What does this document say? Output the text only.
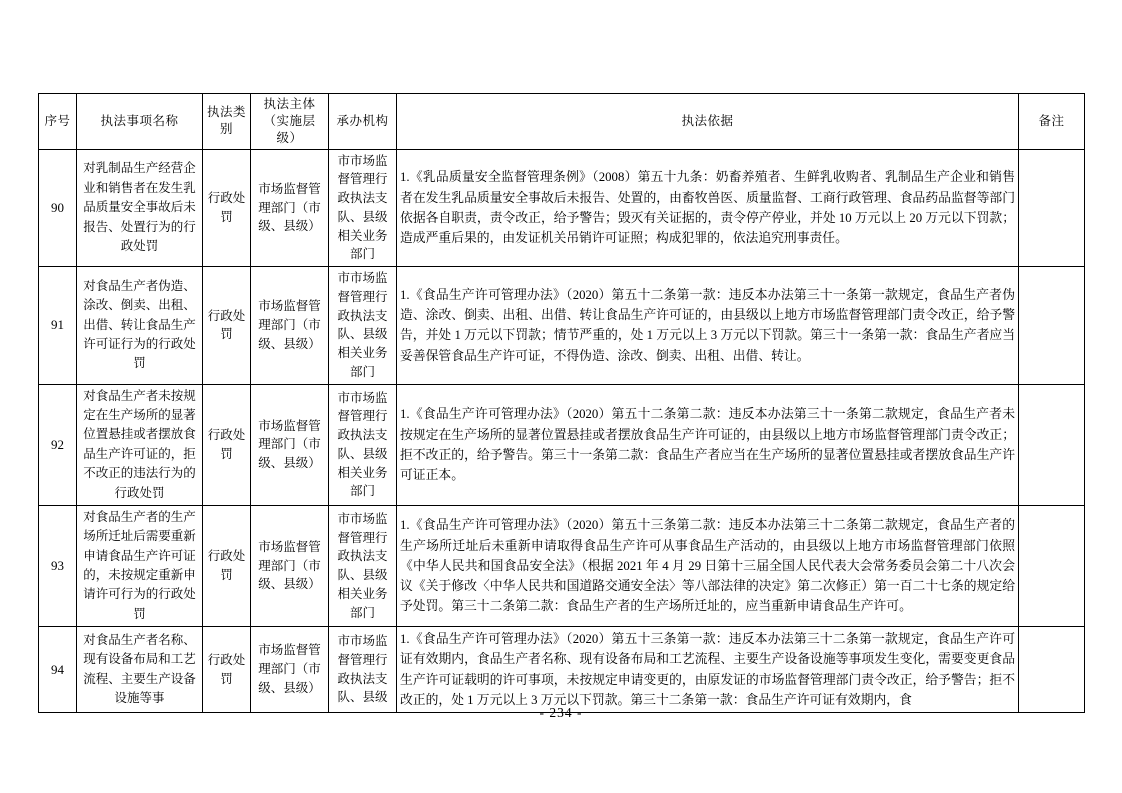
序号	执法事项名称	执法类别	执法主体（实施层级）	承办机构	执法依据	备注
90	对乳制品生产经营企业和销售者在发生乳品质量安全事故后未报告、处置行为的行政处罚	行政处罚	市场监督管理部门（市级、县级）	市市场监督管理行政执法支队、县级相关业务部门	1.《乳品质量安全监督管理条例》（2008）第五十九条：奶畜养殖者、生鲜乳收购者、乳制品生产企业和销售者在发生乳品质量安全事故后未报告、处置的，由畜牧兽医、质量监督、工商行政管理、食品药品监督等部门依据各自职责，责令改正，给予警告；毁灭有关证据的，责令停产停业，并处 10 万元以上 20 万元以下罚款；造成严重后果的，由发证机关吊销许可证照；构成犯罪的，依法追究刑事责任。	
91	对食品生产者伪造、涂改、倒卖、出租、出借、转让食品生产许可证行为的行政处罚	行政处罚	市场监督管理部门（市级、县级）	市市场监督管理行政执法支队、县级相关业务部门	1.《食品生产许可管理办法》（2020）第五十二条第一款：违反本办法第三十一条第一款规定，食品生产者伪造、涂改、倒卖、出租、出借、转让食品生产许可证的，由县级以上地方市场监督管理部门责令改正，给予警告，并处 1 万元以下罚款；情节严重的，处 1 万元以上 3 万元以下罚款。第三十一条第一款：食品生产者应当妥善保管食品生产许可证，不得伪造、涂改、倒卖、出租、出借、转让。	
92	对食品生产者未按规定在生产场所的显著位置悬挂或者摆放食品生产许可证的，拒不改正的违法行为的行政处罚	行政处罚	市场监督管理部门（市级、县级）	市市场监督管理行政执法支队、县级相关业务部门	1.《食品生产许可管理办法》（2020）第五十二条第二款：违反本办法第三十一条第二款规定，食品生产者未按规定在生产场所的显著位置悬挂或者摆放食品生产许可证的，由县级以上地方市场监督管理部门责令改正；拒不改正的，给予警告。第三十一条第二款：食品生产者应当在生产场所的显著位置悬挂或者摆放食品生产许可证正本。	
93	对食品生产者的生产场所迁址后需要重新申请食品生产许可证的，未按规定重新申请许可行为的行政处罚	行政处罚	市场监督管理部门（市级、县级）	市市场监督管理行政执法支队、县级相关业务部门	1.《食品生产许可管理办法》（2020）第五十三条第二款：违反本办法第三十二条第二款规定，食品生产者的生产场所迁址后未重新申请取得食品生产许可从事食品生产活动的，由县级以上地方市场监督管理部门依照《中华人民共和国食品安全法》（根据 2021 年 4 月 29 日第十三届全国人民代表大会常务委员会第二十八次会议《关于修改〈中华人民共和国道路交通安全法〉等八部法律的决定》第二次修正）第一百二十七条的规定给予处罚。第三十二条第二款：食品生产者的生产场所迁址的，应当重新申请食品生产许可。	
94	对食品生产者名称、现有设备布局和工艺流程、主要生产设备设施等事	行政处罚	市场监督管理部门（市级、县级）	市市场监督管理行政执法支队、县级	1.《食品生产许可管理办法》（2020）第五十三条第一款：违反本办法第三十二条第一款规定，食品生产许可证有效期内，食品生产者名称、现有设备布局和工艺流程、主要生产设备设施等事项发生变化，需要变更食品生产许可证载明的许可事项，未按规定申请变更的，由原发证的市场监督管理部门责令改正，给予警告；拒不改正的，处 1 万元以上 3 万元以下罚款。第三十二条第一款：食品生产许可证有效期内，食	
- 234 -
